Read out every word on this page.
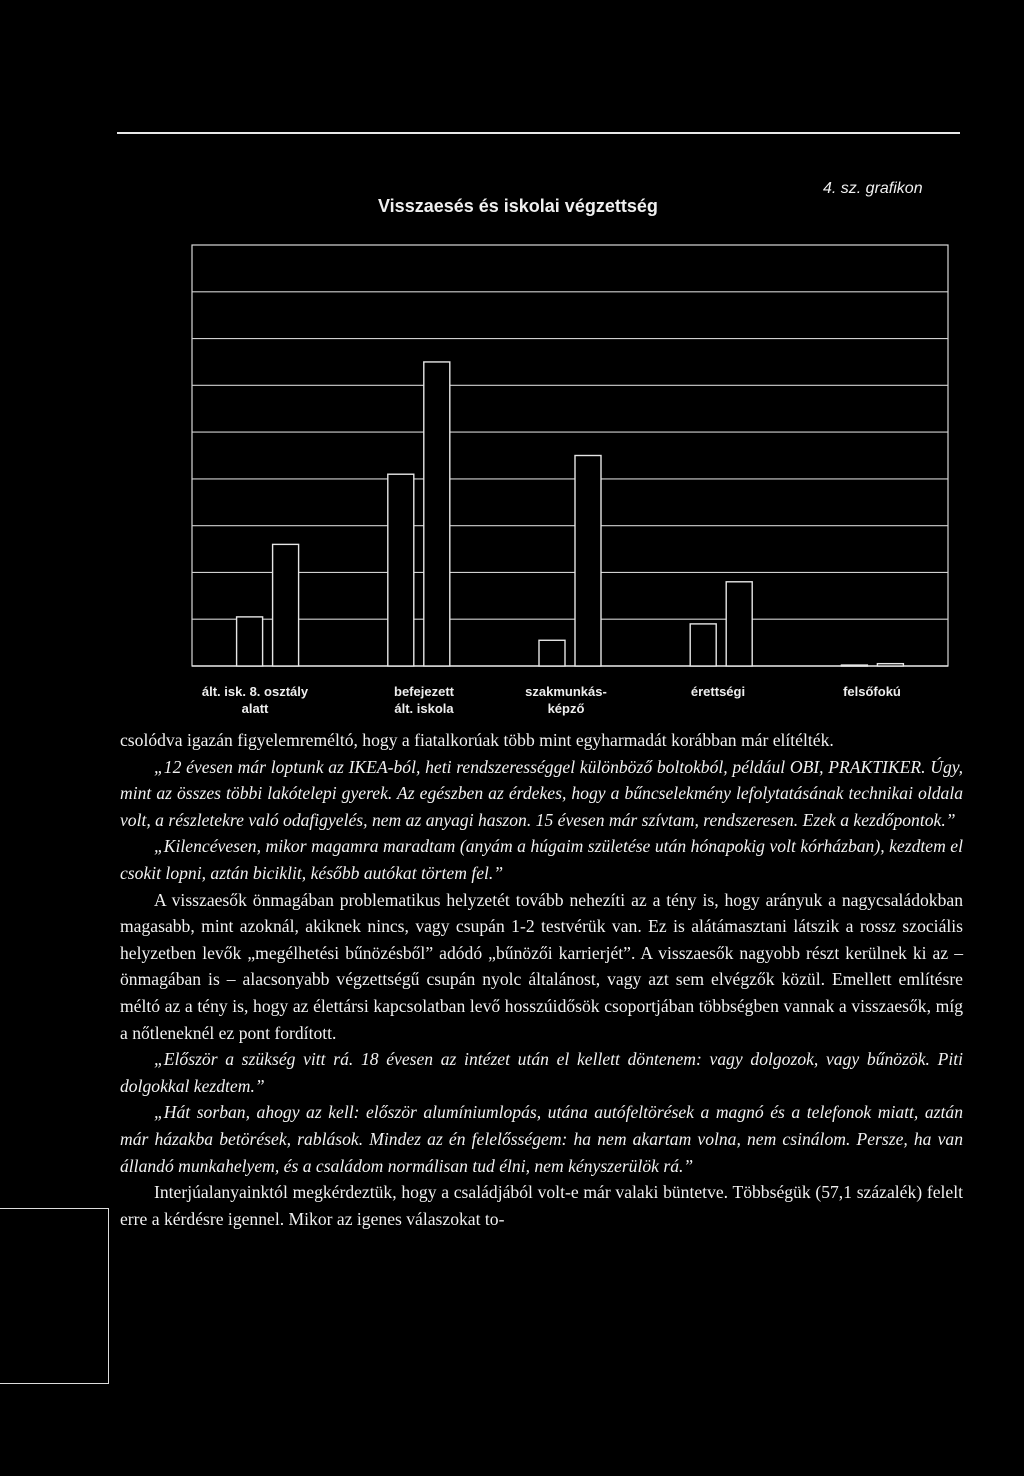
Visszaesés és iskolai végzettség
4. sz. grafikon
ált. isk. 8. osztály
alatt
befejezett
ált. iskola
szakmunkás-
képző
érettségi	felsőfokú

csolódva igazán figyelemreméltó, hogy a fiatalkorúak több mint egyharmadát korábban már elítélték.

„12 évesen már loptunk az IKEA-ból, heti rendszerességgel különböző boltokból, például OBI, PRAKTIKER. Úgy, mint az összes többi lakótelepi gyerek. Az egészben az érdekes, hogy a bűncselekmény lefolytatásának technikai oldala volt, a részletekre való odafigyelés, nem az anyagi haszon. 15 évesen már szívtam, rendszeresen. Ezek a kezdőpontok.”

„Kilencévesen, mikor magamra maradtam (anyám a húgaim születése után hónapokig volt kórházban), kezdtem el csokit lopni, aztán biciklit, később autókat törtem fel.”

A visszaesők önmagában problematikus helyzetét tovább nehezíti az a tény is, hogy arányuk a nagycsaládokban magasabb, mint azoknál, akiknek nincs, vagy csupán 1-2 testvérük van. Ez is alátámasztani látszik a rossz szociális helyzetben levők „megélhetési bűnözésből” adódó „bűnözői karrierjét”. A visszaesők nagyobb részt kerülnek ki az – önmagában is – alacsonyabb végzettségű csupán nyolc általánost, vagy azt sem elvégzők közül. Emellett említésre méltó az a tény is, hogy az élettársi kapcsolatban levő hosszúidősök csoportjában többségben vannak a visszaesők, míg a nőtleneknél ez pont fordított.

„Először a szükség vitt rá. 18 évesen az intézet után el kellett döntenem: vagy dolgozok, vagy bűnözök. Piti dolgokkal kezdtem.”

„Hát sorban, ahogy az kell: először alumíniumlopás, utána autófeltörések a magnó és a telefonok miatt, aztán már házakba betörések, rablások. Mindez az én felelősségem: ha nem akartam volna, nem csinálom. Persze, ha van állandó munkahelyem, és a családom normálisan tud élni, nem kényszerülök rá.”

Interjúalanyainktól megkérdeztük, hogy a családjából volt-e már valaki büntetve. Többségük (57,1 százalék) felelt erre a kérdésre igennel. Mikor az igenes válaszokat to-
